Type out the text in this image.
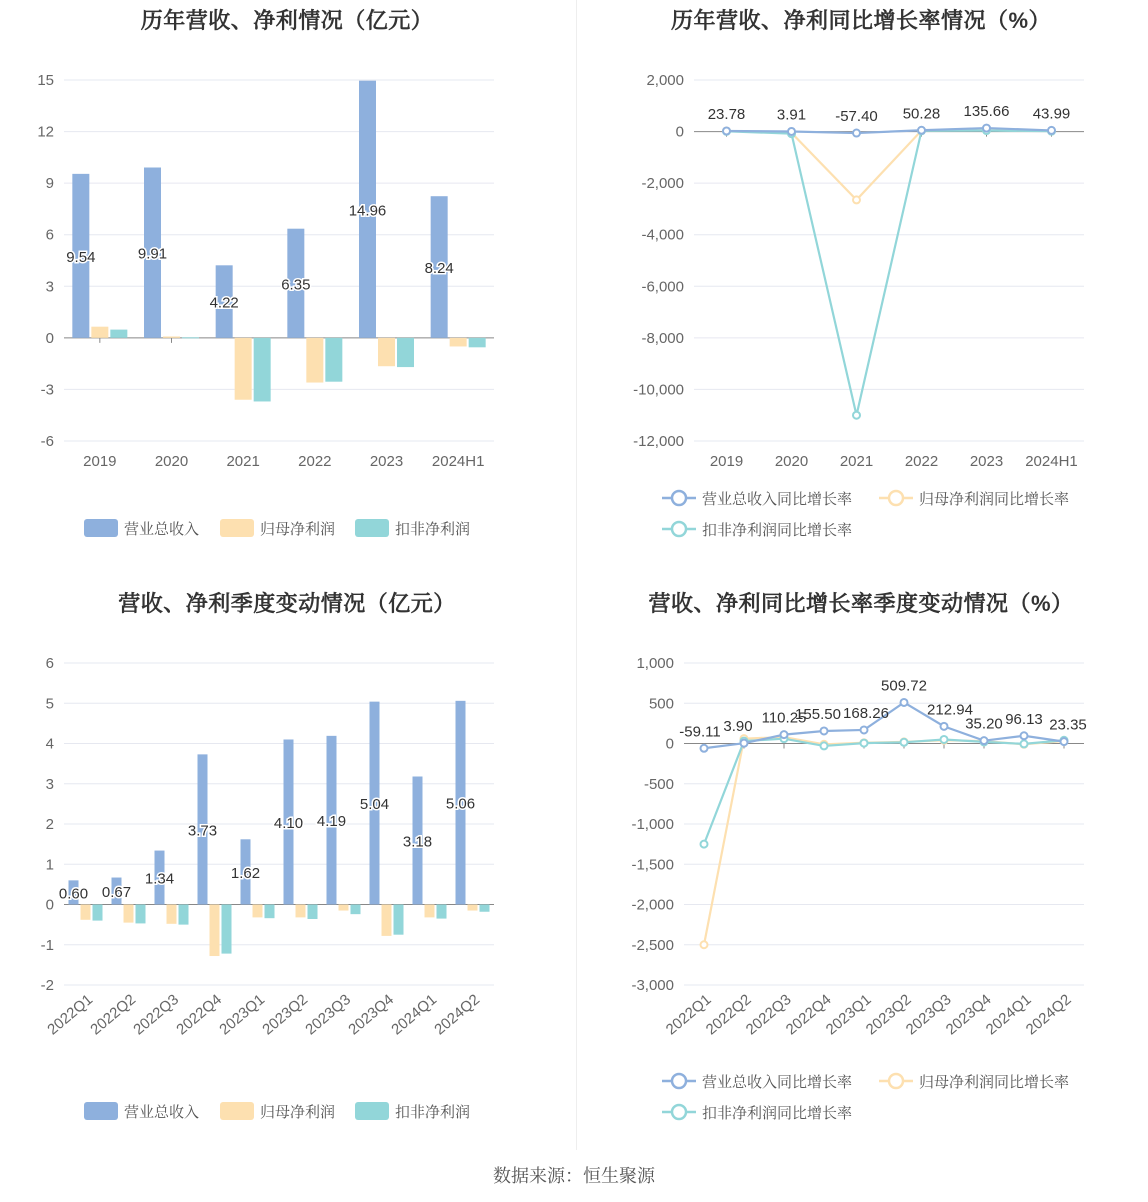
历年营收、净利情况（亿元）
-6
-3
0
3
6
9
12
15
2019	2020	2021	2022	2023 2024H1
9.54	9.91
4.22
6.35
14.96
8.24
营业总收入	归母净利润	扣非净利润
历年营收、净利同比增长率情况（%）
-12,000
-10,000
-8,000
-6,000
-4,000
-2,000
0
2,000
2019 2020 2021 2022 2023 2024H1
23.78 3.91 -57.40 50.28 135.66 43.99
营业总收入同比增长率	归母净利润同比增长率
扣非净利润同比增长率
营收、净利季度变动情况（亿元）
-2
-1
0
1
2
3
4
5
6
2022Q1
2022Q2
2022Q3
2022Q4
2023Q1
2023Q2
2023Q3
2023Q4
2024Q1
2024Q2
0.60 0.67
1.34
3.73
1.62
4.10 4.19
5.04
3.18
5.06
营业总收入	归母净利润	扣非净利润
营收、净利同比增长率季度变动情况（%）
-3,000
-2,500
-2,000
-1,500
-1,000
-500
0
500
1,000
2022Q1
2022Q2
2022Q3
2022Q4
2023Q1
2023Q2
2023Q3
2023Q4
2024Q1
2024Q2
-59.11 3.90
110.25
155.50 168.26
509.72
212.94
35.20 96.13 23.35
营业总收入同比增长率	归母净利润同比增长率
扣非净利润同比增长率
数据来源：恒生聚源
